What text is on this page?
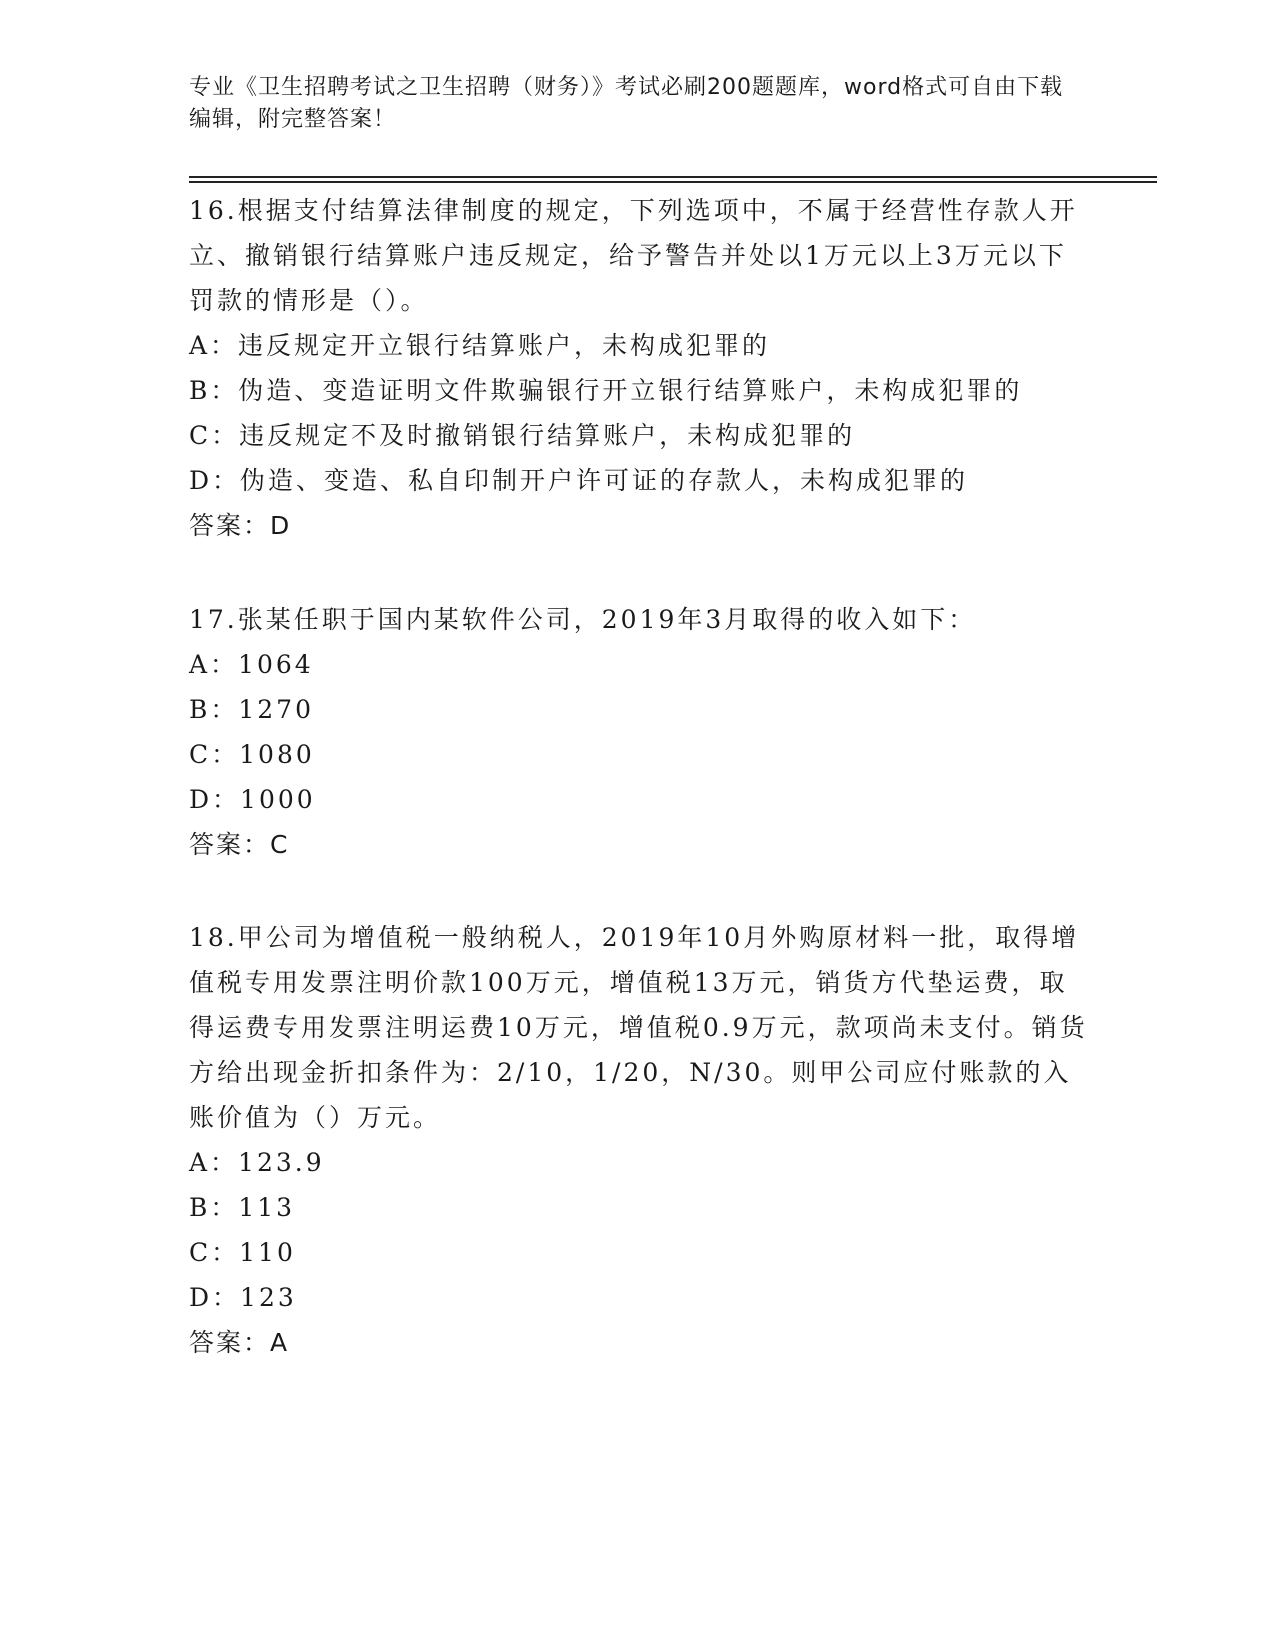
专业《卫生招聘考试之卫生招聘（财务）》考试必刷200题题库，word格式可自由下载编辑，附完整答案！

16.根据支付结算法律制度的规定，下列选项中，不属于经营性存款人开立、撤销银行结算账户违反规定，给予警告并处以1万元以上3万元以下罚款的情形是（）。

A：违反规定开立银行结算账户，未构成犯罪的

B：伪造、变造证明文件欺骗银行开立银行结算账户，未构成犯罪的

C：违反规定不及时撤销银行结算账户，未构成犯罪的

D：伪造、变造、私自印制开户许可证的存款人，未构成犯罪的

答案：D

17.张某任职于国内某软件公司，2019年3月取得的收入如下：

A：1064

B：1270

C：1080

D：1000

答案：C

18.甲公司为增值税一般纳税人，2019年10月外购原材料一批，取得增值税专用发票注明价款100万元，增值税13万元，销货方代垫运费，取得运费专用发票注明运费10万元，增值税0.9万元，款项尚未支付。销货方给出现金折扣条件为：2/10，1/20，N/30。则甲公司应付账款的入账价值为（）万元。

A：123.9

B：113

C：110

D：123

答案：A
